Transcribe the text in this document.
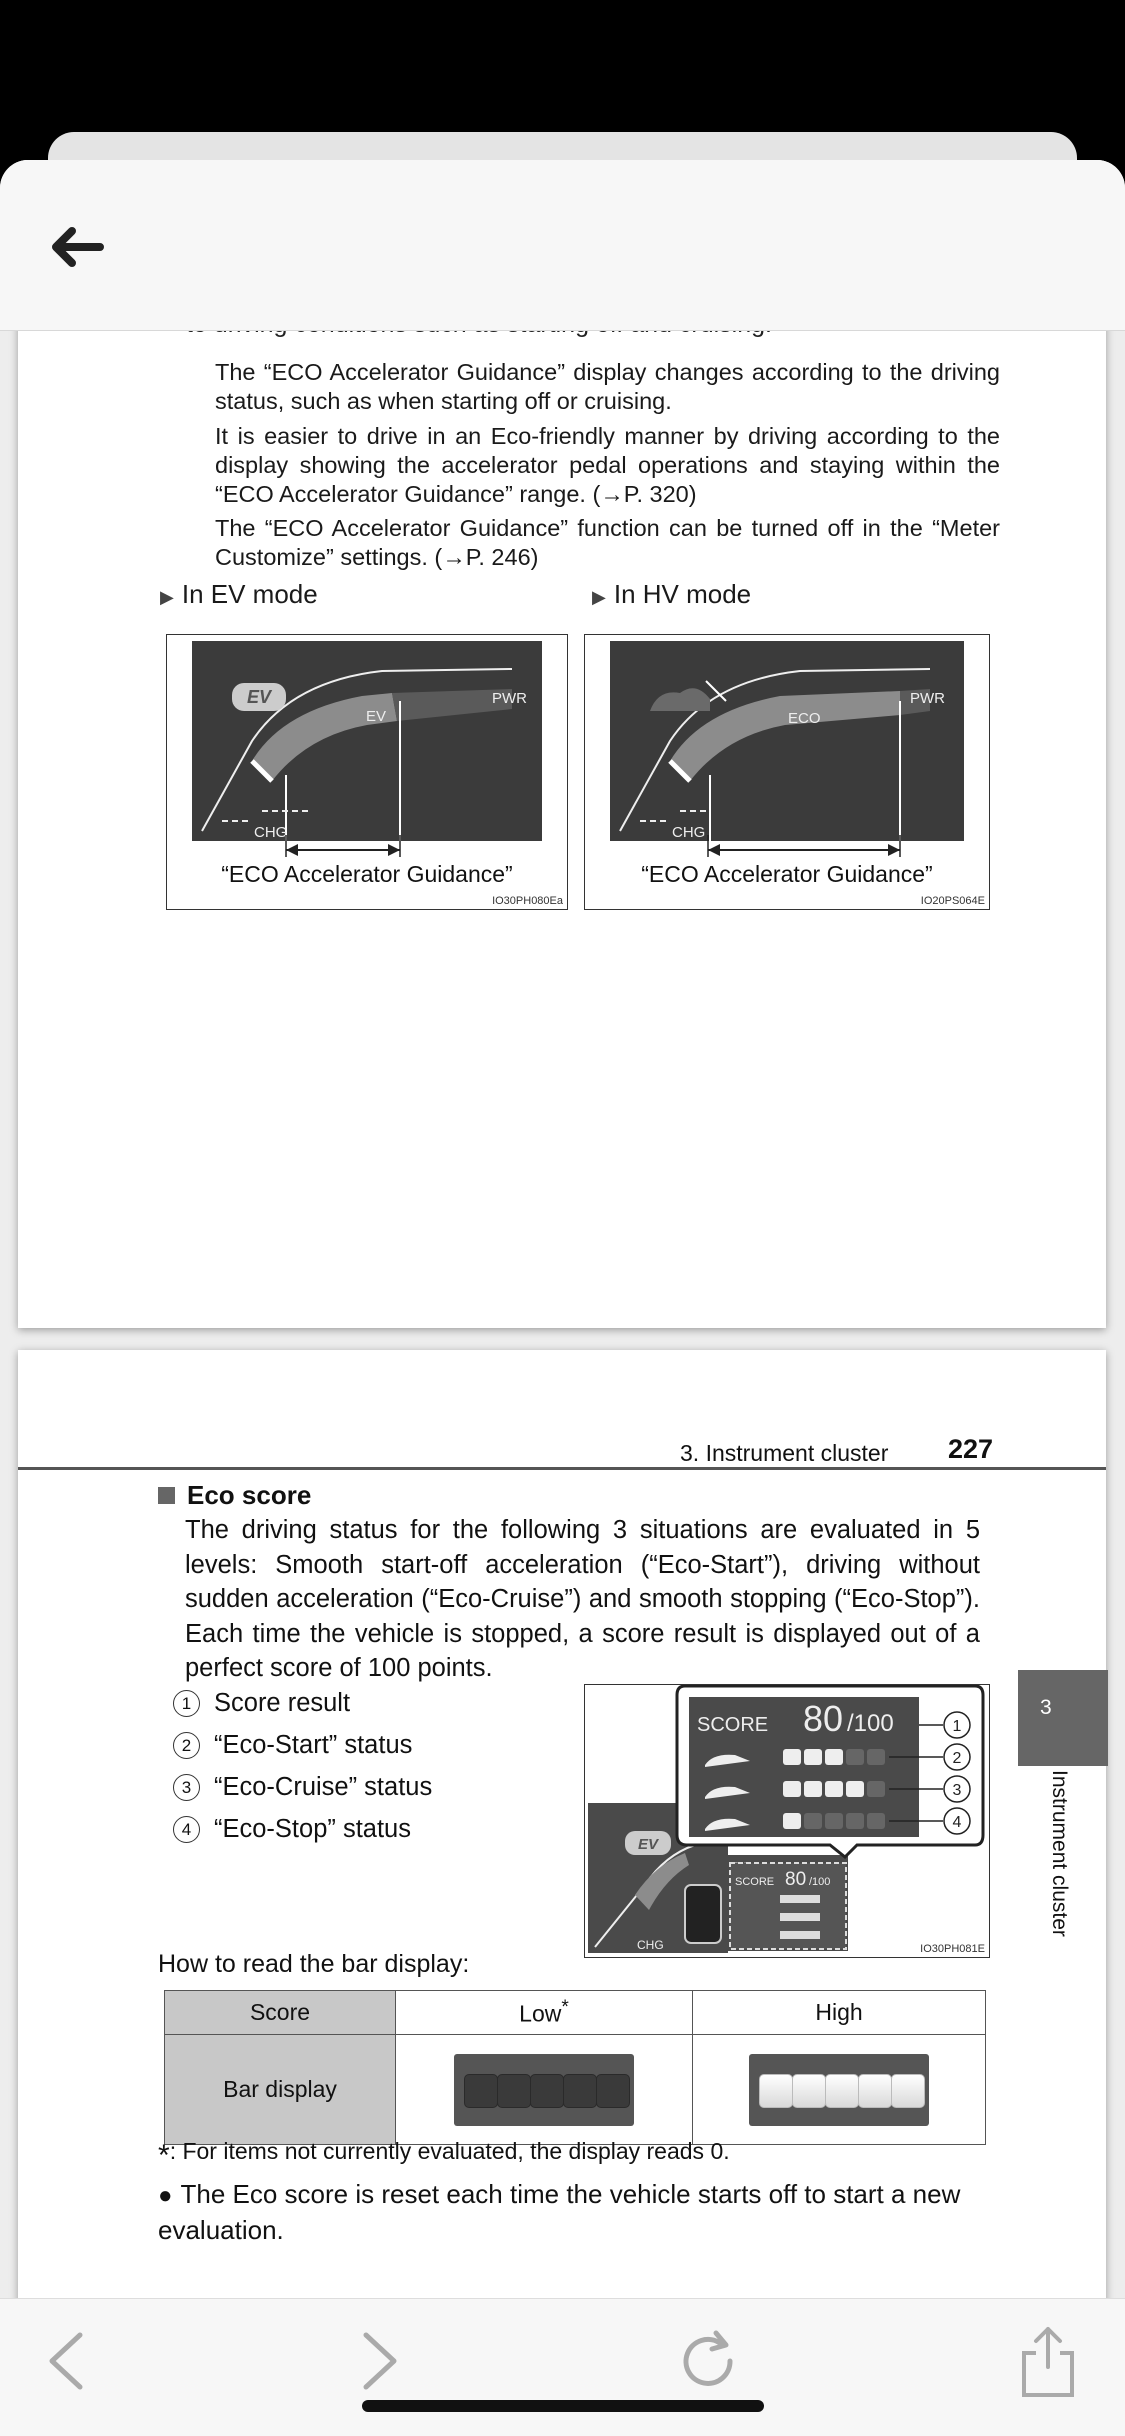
The “ECO Accelerator Guidance” display changes according to the driving status, such as when starting off or cruising.
It is easier to drive in an Eco-friendly manner by driving according to the display showing the accelerator pedal operations and staying within the “ECO Accelerator Guidance” range. (→P. 320)
The “ECO Accelerator Guidance” function can be turned off in the “Meter Customize” settings. (→P. 246)
▶ In EV mode	▶ In HV mode
EV
EV
PWR
CHG
“ECO Accelerator Guidance”
IO30PH080Ea
ECO
PWR
CHG
“ECO Accelerator Guidance”
IO20PS064E
3. Instrument cluster 227
Eco score
The driving status for the following 3 situations are evaluated in 5 levels: Smooth start-off acceleration (“Eco-Start”), driving without sudden acceleration (“Eco-Cruise”) and smooth stopping (“Eco-Stop”). Each time the vehicle is stopped, a score result is displayed out of a perfect score of 100 points.
1 Score result
2 “Eco-Start” status
3 “Eco-Cruise” status
4 “Eco-Stop” status
EV
CHG
SCORE 80 /100
SCORE 80 /100	1
2
3
4
IO30PH081E
How to read the bar display:
Score	Low*	High
Bar display	

*: For items not currently evaluated, the display reads 0.
● The Eco score is reset each time the vehicle starts off to start a new evaluation.
3
Instrument cluster
